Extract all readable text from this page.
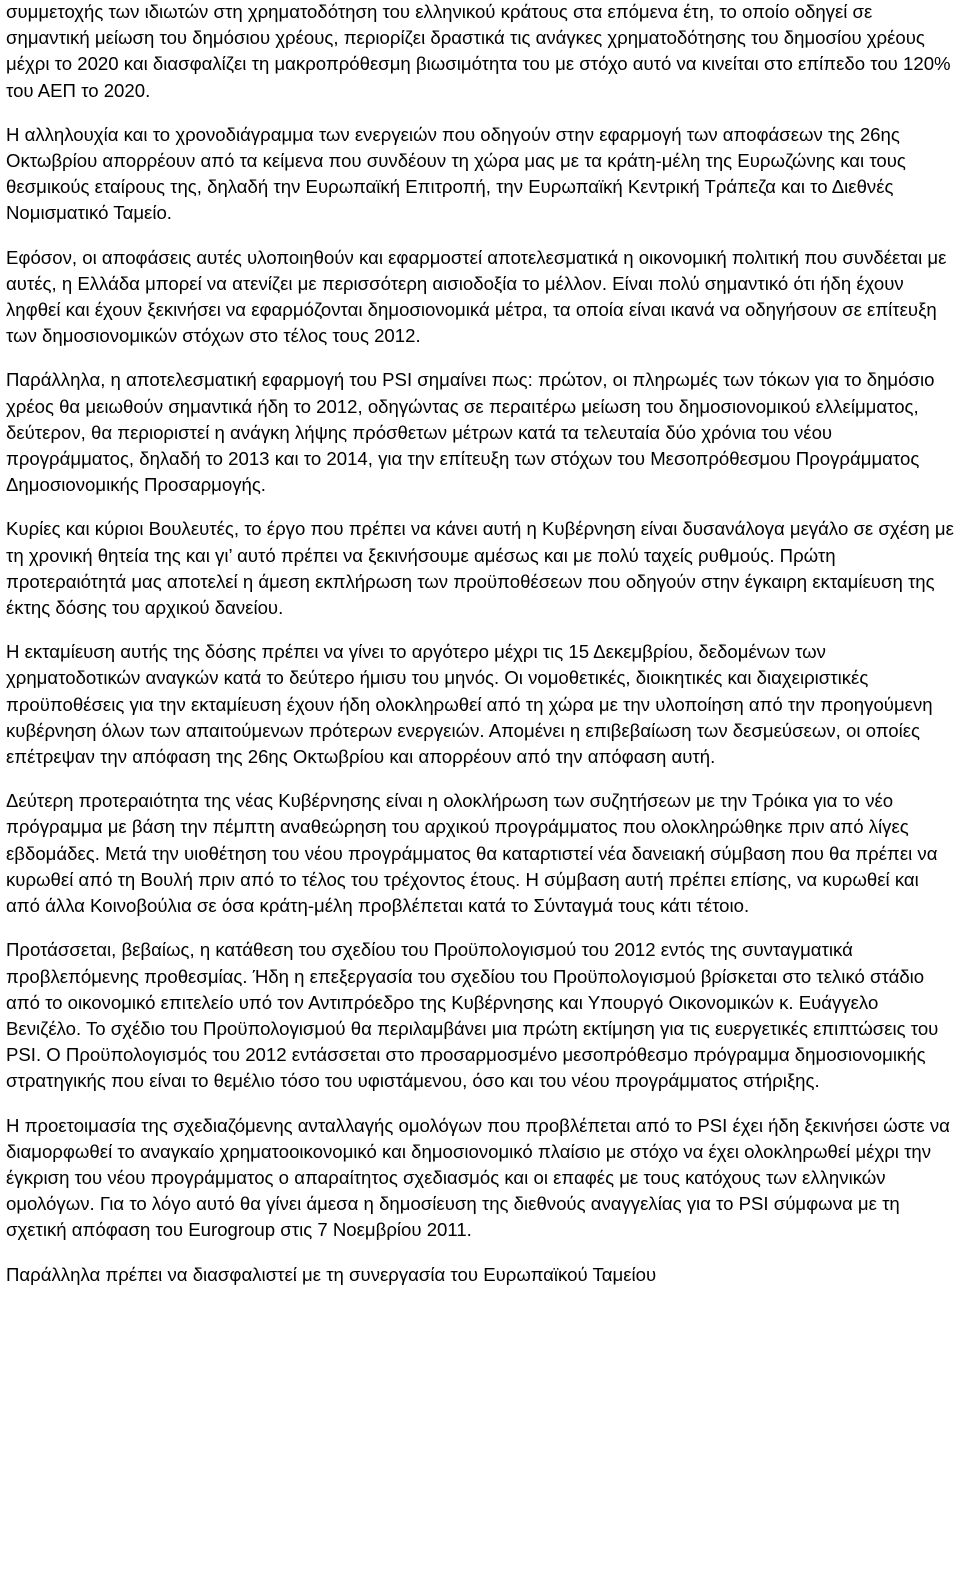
συμμετοχής των ιδιωτών στη χρηματοδότηση του ελληνικού κράτους στα επόμενα έτη, το οποίο οδηγεί σε σημαντική μείωση του δημόσιου χρέους, περιορίζει δραστικά τις ανάγκες χρηματοδότησης του δημοσίου χρέους μέχρι το 2020 και διασφαλίζει τη μακροπρόθεσμη βιωσιμότητα του με στόχο αυτό να κινείται στο επίπεδο του 120% του ΑΕΠ το 2020.

Η αλληλουχία και το χρονοδιάγραμμα των ενεργειών που οδηγούν στην εφαρμογή των αποφάσεων της 26ης Οκτωβρίου απορρέουν από τα κείμενα που συνδέουν τη χώρα μας με τα κράτη-μέλη της Ευρωζώνης και τους θεσμικούς εταίρους της, δηλαδή την Ευρωπαϊκή Επιτροπή, την Ευρωπαϊκή Κεντρική Τράπεζα και το Διεθνές Νομισματικό Ταμείο.

Εφόσον, οι αποφάσεις αυτές υλοποιηθούν και εφαρμοστεί αποτελεσματικά η οικονομική πολιτική που συνδέεται με αυτές, η Ελλάδα μπορεί να ατενίζει με περισσότερη αισιοδοξία το μέλλον. Είναι πολύ σημαντικό ότι ήδη έχουν ληφθεί και έχουν ξεκινήσει να εφαρμόζονται δημοσιονομικά μέτρα, τα οποία είναι ικανά να οδηγήσουν σε επίτευξη των δημοσιονομικών στόχων στο τέλος τους 2012.

Παράλληλα, η αποτελεσματική εφαρμογή του PSI σημαίνει πως: πρώτον, οι πληρωμές των τόκων για το δημόσιο χρέος θα μειωθούν σημαντικά ήδη το 2012, οδηγώντας σε περαιτέρω μείωση του δημοσιονομικού ελλείμματος, δεύτερον, θα περιοριστεί η ανάγκη λήψης πρόσθετων μέτρων κατά τα τελευταία δύο χρόνια του νέου προγράμματος, δηλαδή το 2013 και το 2014, για την επίτευξη των στόχων του Μεσοπρόθεσμου Προγράμματος Δημοσιονομικής Προσαρμογής.

Κυρίες και κύριοι Βουλευτές, το έργο που πρέπει να κάνει αυτή η Κυβέρνηση είναι δυσανάλογα μεγάλο σε σχέση με τη χρονική θητεία της και γι’ αυτό πρέπει να ξεκινήσουμε αμέσως και με πολύ ταχείς ρυθμούς. Πρώτη προτεραιότητά μας αποτελεί η άμεση εκπλήρωση των προϋποθέσεων που οδηγούν στην έγκαιρη εκταμίευση της έκτης δόσης του αρχικού δανείου.

Η εκταμίευση αυτής της δόσης πρέπει να γίνει το αργότερο μέχρι τις 15 Δεκεμβρίου, δεδομένων των χρηματοδοτικών αναγκών κατά το δεύτερο ήμισυ του μηνός. Οι νομοθετικές, διοικητικές και διαχειριστικές προϋποθέσεις για την εκταμίευση έχουν ήδη ολοκληρωθεί από τη χώρα με την υλοποίηση από την προηγούμενη κυβέρνηση όλων των απαιτούμενων πρότερων ενεργειών. Απομένει η επιβεβαίωση των δεσμεύσεων, οι οποίες επέτρεψαν την απόφαση της 26ης Οκτωβρίου και απορρέουν από την απόφαση αυτή.

Δεύτερη προτεραιότητα της νέας Κυβέρνησης είναι η ολοκλήρωση των συζητήσεων με την Τρόικα για το νέο πρόγραμμα με βάση την πέμπτη αναθεώρηση του αρχικού προγράμματος που ολοκληρώθηκε πριν από λίγες εβδομάδες. Μετά την υιοθέτηση του νέου προγράμματος θα καταρτιστεί νέα δανειακή σύμβαση που θα πρέπει να κυρωθεί από τη Βουλή πριν από το τέλος του τρέχοντος έτους. Η σύμβαση αυτή πρέπει επίσης, να κυρωθεί και από άλλα Κοινοβούλια σε όσα κράτη-μέλη προβλέπεται κατά το Σύνταγμά τους κάτι τέτοιο.

Προτάσσεται, βεβαίως, η κατάθεση του σχεδίου του Προϋπολογισμού του 2012 εντός της συνταγματικά προβλεπόμενης προθεσμίας. Ήδη η επεξεργασία του σχεδίου του Προϋπολογισμού βρίσκεται στο τελικό στάδιο από το οικονομικό επιτελείο υπό τον Αντιπρόεδρο της Κυβέρνησης και Υπουργό Οικονομικών κ. Ευάγγελο Βενιζέλο. Το σχέδιο του Προϋπολογισμού θα περιλαμβάνει μια πρώτη εκτίμηση για τις ευεργετικές επιπτώσεις του PSI. Ο Προϋπολογισμός του 2012 εντάσσεται στο προσαρμοσμένο μεσοπρόθεσμο πρόγραμμα δημοσιονομικής στρατηγικής που είναι το θεμέλιο τόσο του υφιστάμενου, όσο και του νέου προγράμματος στήριξης.

Η προετοιμασία της σχεδιαζόμενης ανταλλαγής ομολόγων που προβλέπεται από το PSI έχει ήδη ξεκινήσει ώστε να διαμορφωθεί το αναγκαίο χρηματοοικονομικό και δημοσιονομικό πλαίσιο με στόχο να έχει ολοκληρωθεί μέχρι την έγκριση του νέου προγράμματος ο απαραίτητος σχεδιασμός και οι επαφές με τους κατόχους των ελληνικών ομολόγων. Για το λόγο αυτό θα γίνει άμεσα η δημοσίευση της διεθνούς αναγγελίας για το PSI σύμφωνα με τη σχετική απόφαση του Eurogroup στις 7 Νοεμβρίου 2011.

Παράλληλα πρέπει να διασφαλιστεί με τη συνεργασία του Ευρωπαϊκού Ταμείου
